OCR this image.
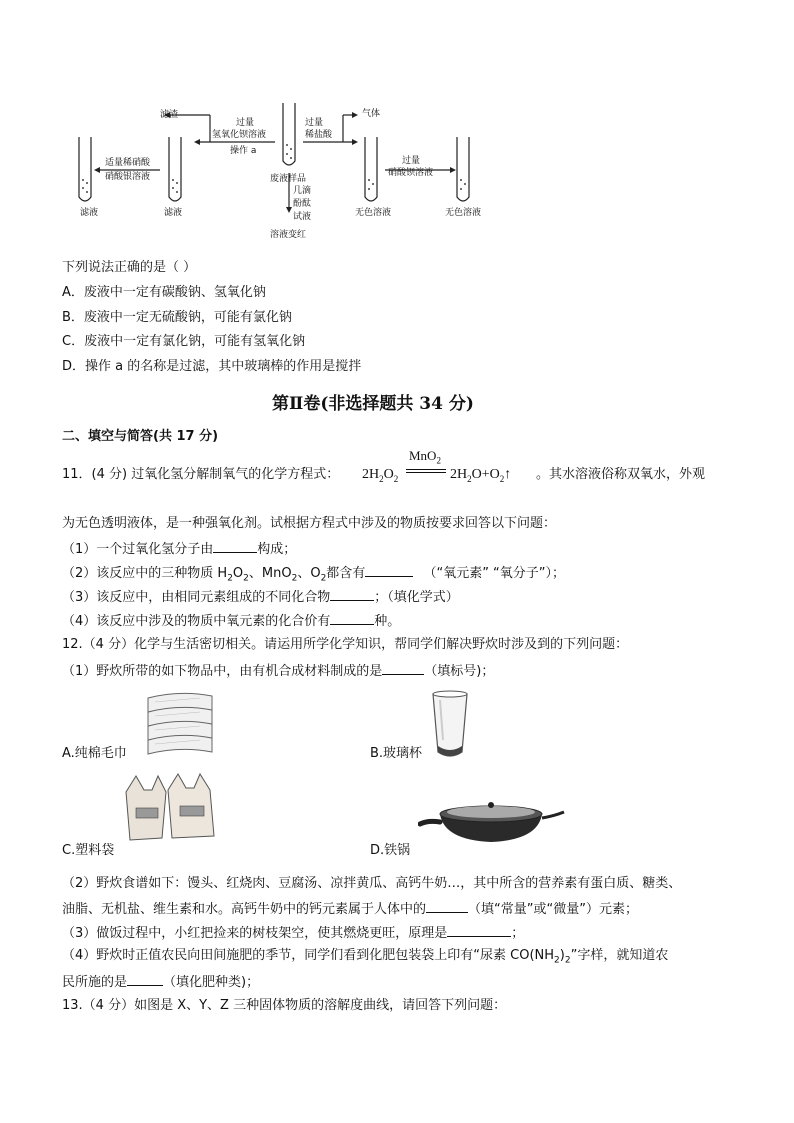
滤渣
过量
氢氧化钡溶液
操作 a
适量稀硝酸
硝酸银溶液
滤液	滤液
废液样品
几滴
酚酞
试液
溶液变红
过量
稀盐酸
气体
无色溶液
过量
硝酸钡溶液
无色溶液
下列说法正确的是（ ）
A．废液中一定有碳酸钠、氢氧化钠
B．废液中一定无硫酸钠，可能有氯化钠
C．废液中一定有氯化钠，可能有氢氧化钠
D．操作 a 的名称是过滤，其中玻璃棒的作用是搅拌
第Ⅱ卷(非选择题共 34 分)
二、填空与简答(共 17 分)
11．(4 分) 过氧化氢分解制氧气的化学方程式： $2H_2O_2$
MnO$_2$
$2H_2O+O_2↑$ 。其水溶液俗称双氧水，外观
为无色透明液体，是一种强氧化剂。试根据方程式中涉及的物质按要求回答以下问题：
（1）一个过氧化氢分子由	构成；
（2）该反应中的三种物质 $H_2O_2$、MnO$_2$、$O_2$都含有	（“氧元素” “氧分子”）；
（3）该反应中，由相同元素组成的不同化合物	；（填化学式）
（4）该反应中涉及的物质中氧元素的化合价有	种。
12.（4 分）化学与生活密切相关。请运用所学化学知识，帮同学们解决野炊时涉及到的下列问题：
（1）野炊所带的如下物品中，由有机合成材料制成的是	（填标号)；
A.纯棉毛巾	B.玻璃杯
C.塑料袋	D.铁锅
（2）野炊食谱如下：馒头、红烧肉、豆腐汤、凉拌黄瓜、高钙牛奶…，其中所含的营养素有蛋白质、糖类、
油脂、无机盐、维生素和水。高钙牛奶中的钙元素属于人体中的	（填“常量”或“微量”）元素；
（3）做饭过程中，小红把捡来的树枝架空，使其燃烧更旺，原理是	；
（4）野炊时正值农民向田间施肥的季节，同学们看到化肥包装袋上印有“尿素 $CO(NH_2)_2$”字样，就知道农
民所施的是	（填化肥种类)；
13.（4 分）如图是 X、Y、Z 三种固体物质的溶解度曲线，请回答下列问题：
